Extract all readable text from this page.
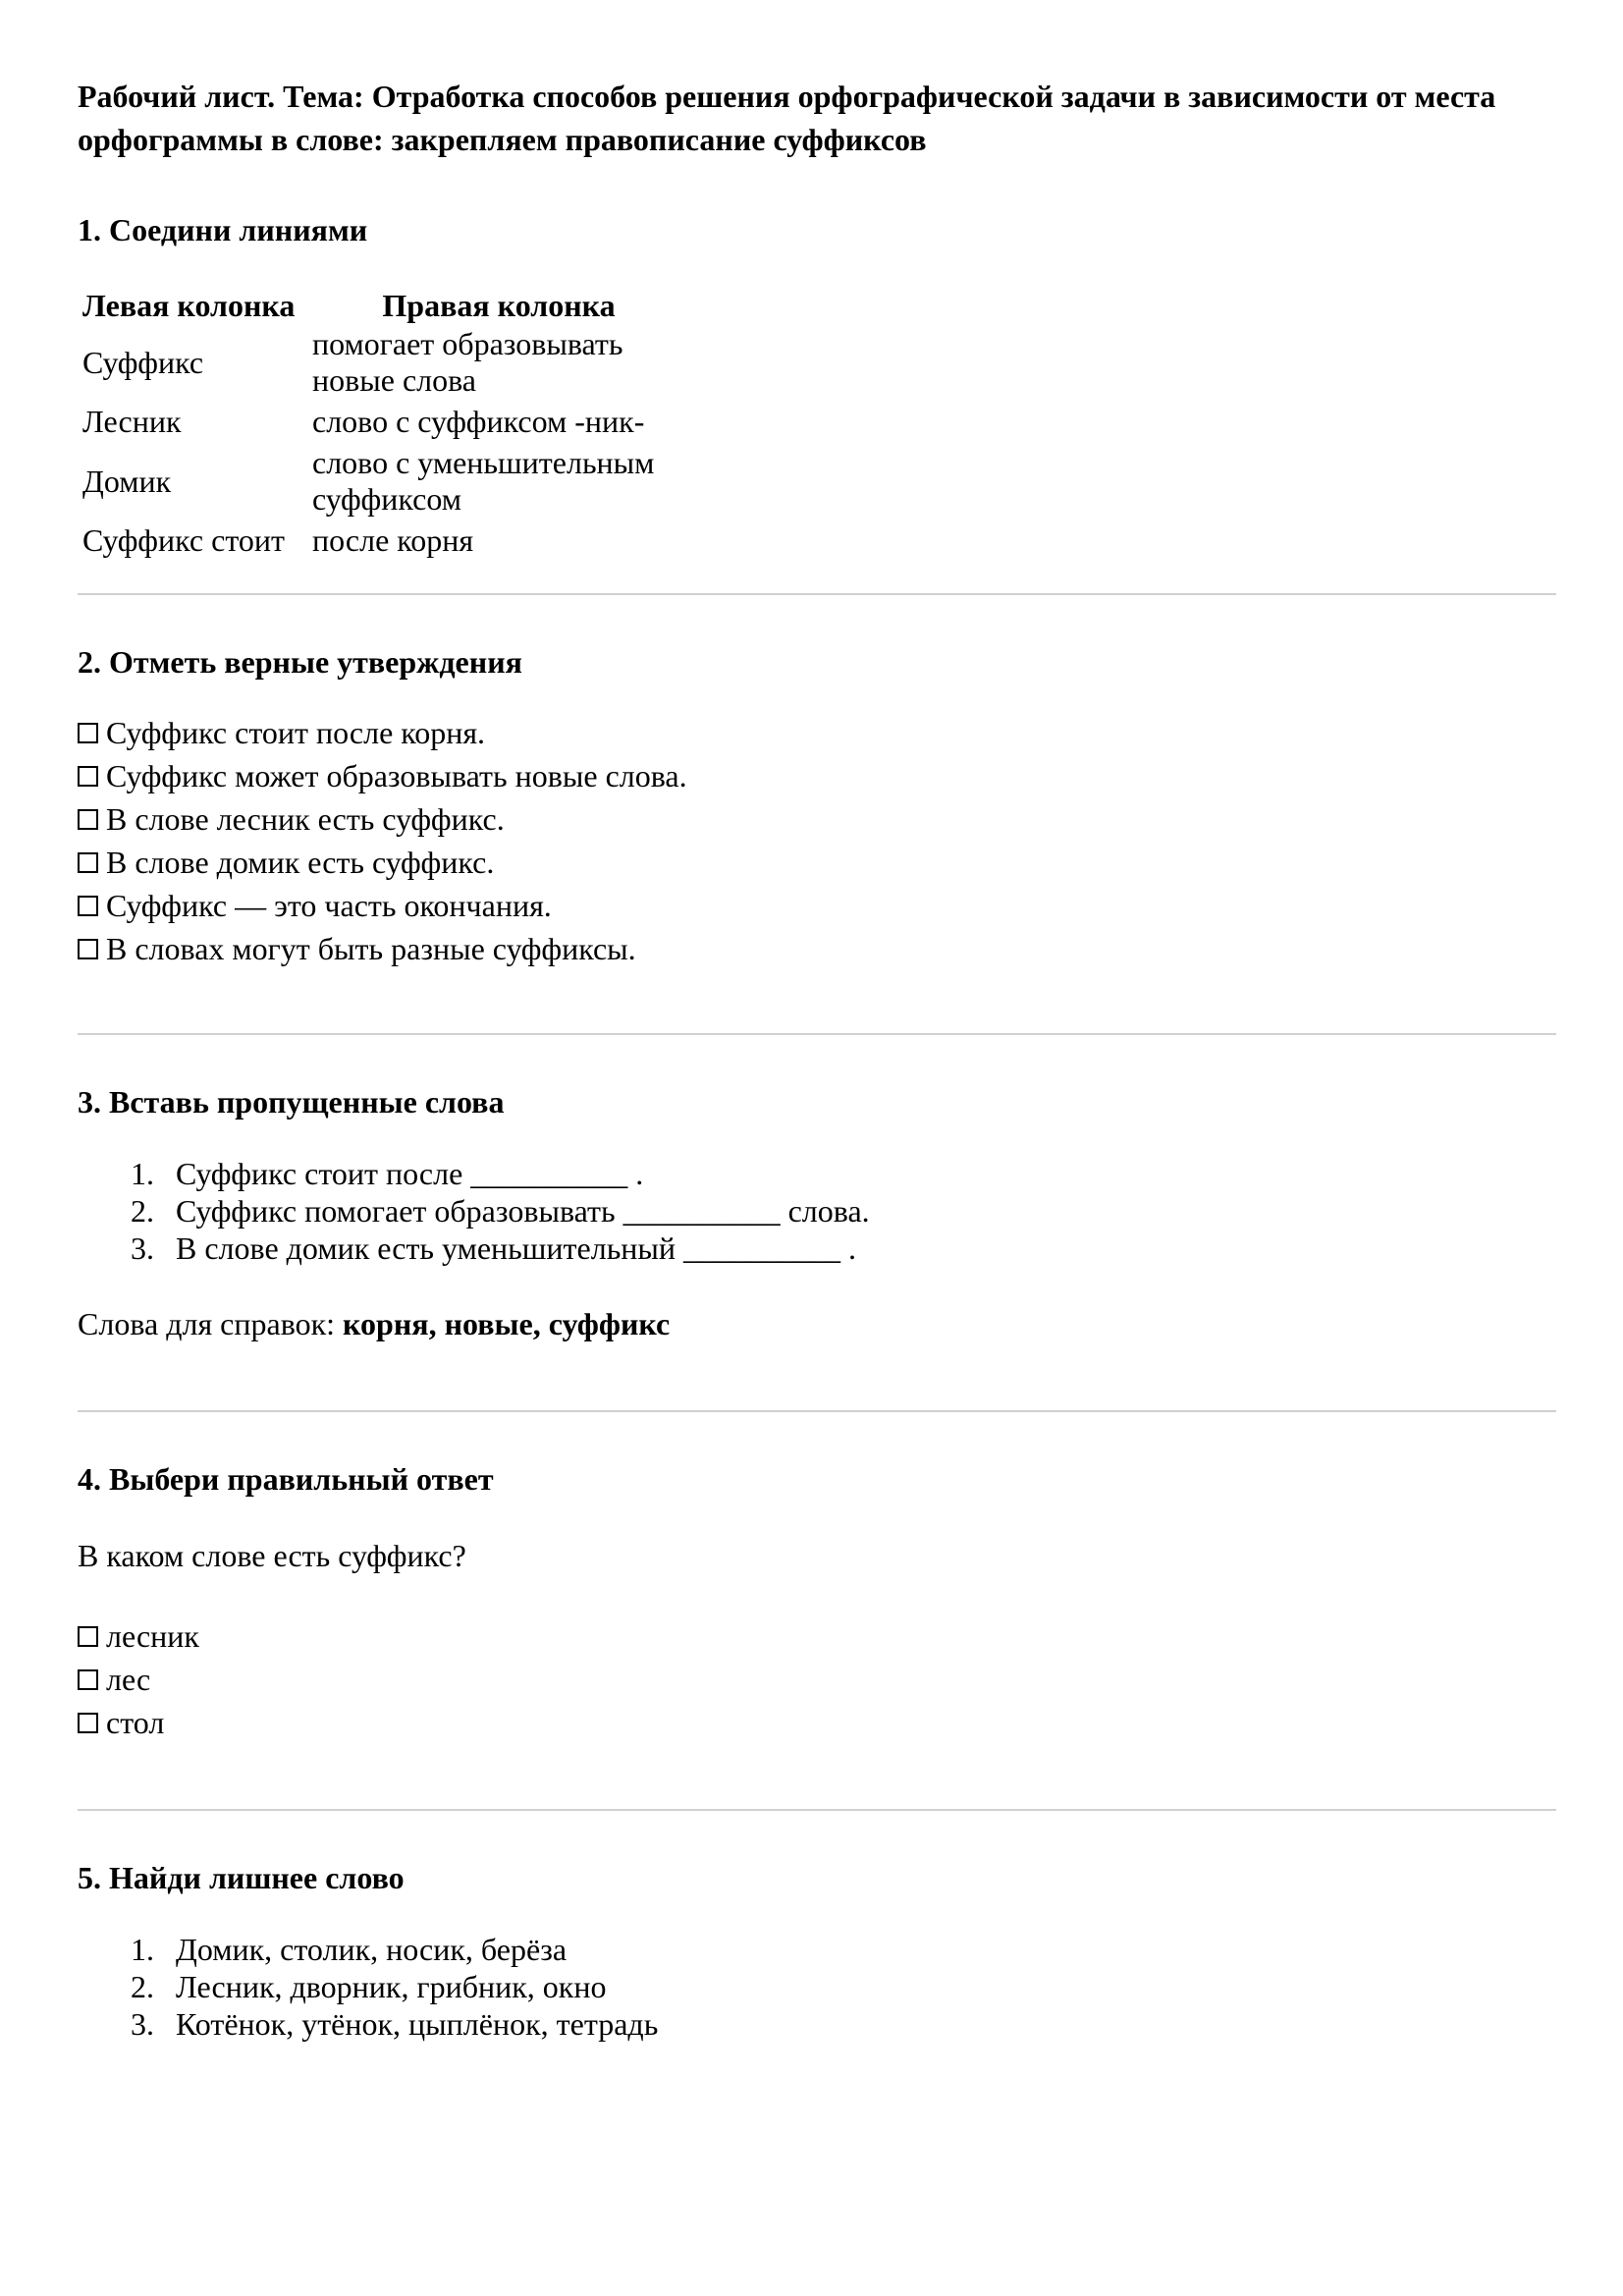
Рабочий лист. Тема: Отработка способов решения орфографической задачи в зависимости от места орфограммы в слове: закрепляем правописание суффиксов

1. Соедини линиями

Левая колонка	Правая колонка
Суффикс	помогает образовывать новые слова
Лесник	слово с суффиксом -ник-
Домик	слово с уменьшительным суффиксом
Суффикс стоит	после корня

2. Отметь верные утверждения

Суффикс стоит после корня.
Суффикс может образовывать новые слова.
В слове лесник есть суффикс.
В слове домик есть суффикс.
Суффикс — это часть окончания.
В словах могут быть разные суффиксы.

3. Вставь пропущенные слова

1. Суффикс стоит после __________ .
2. Суффикс помогает образовывать __________ слова.
3. В слове домик есть уменьшительный __________ .

Слова для справок: корня, новые, суффикс

4. Выбери правильный ответ

В каком слове есть суффикс?

лесник
лес
стол

5. Найди лишнее слово

1. Домик, столик, носик, берёза
2. Лесник, дворник, грибник, окно
3. Котёнок, утёнок, цыплёнок, тетрадь
